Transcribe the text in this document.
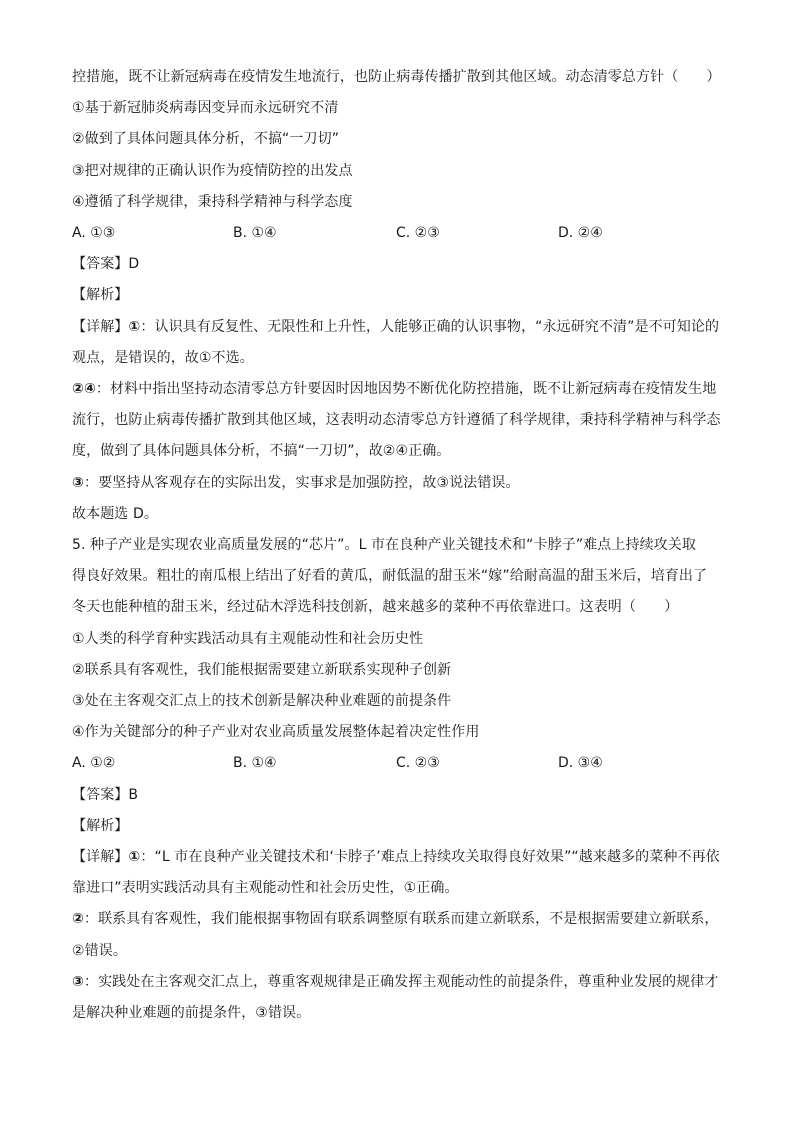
控措施，既不让新冠病毒在疫情发生地流行，也防止病毒传播扩散到其他区域。动态清零总方针（　　）
①基于新冠肺炎病毒因变异而永远研究不清
②做到了具体问题具体分析，不搞“一刀切”
③把对规律的正确认识作为疫情防控的出发点
④遵循了科学规律，秉持科学精神与科学态度
A. ①③	B. ①④	C. ②③	D. ②④
【答案】D
【解析】
【详解】①：认识具有反复性、无限性和上升性，人能够正确的认识事物，“永远研究不清”是不可知论的
观点，是错误的，故①不选。
②④：材料中指出坚持动态清零总方针要因时因地因势不断优化防控措施，既不让新冠病毒在疫情发生地
流行，也防止病毒传播扩散到其他区域，这表明动态清零总方针遵循了科学规律，秉持科学精神与科学态
度，做到了具体问题具体分析，不搞“一刀切”，故②④正确。
③：要坚持从客观存在的实际出发，实事求是加强防控，故③说法错误。
故本题选 D。
5. 种子产业是实现农业高质量发展的“芯片”。L 市在良种产业关键技术和“卡脖子”难点上持续攻关取
得良好效果。粗壮的南瓜根上结出了好看的黄瓜，耐低温的甜玉米“嫁”给耐高温的甜玉米后，培育出了
冬天也能种植的甜玉米，经过砧木浮选科技创新，越来越多的菜种不再依靠进口。这表明（　　）
①人类的科学育种实践活动具有主观能动性和社会历史性
②联系具有客观性，我们能根据需要建立新联系实现种子创新
③处在主客观交汇点上的技术创新是解决种业难题的前提条件
④作为关键部分的种子产业对农业高质量发展整体起着决定性作用
A. ①②	B. ①④	C. ②③	D. ③④
【答案】B
【解析】
【详解】①：“L 市在良种产业关键技术和‘卡脖子’难点上持续攻关取得良好效果”“越来越多的菜种不再依
靠进口”表明实践活动具有主观能动性和社会历史性，①正确。
②：联系具有客观性，我们能根据事物固有联系调整原有联系而建立新联系，不是根据需要建立新联系，
②错误。
③：实践处在主客观交汇点上，尊重客观规律是正确发挥主观能动性的前提条件，尊重种业发展的规律才
是解决种业难题的前提条件，③错误。
